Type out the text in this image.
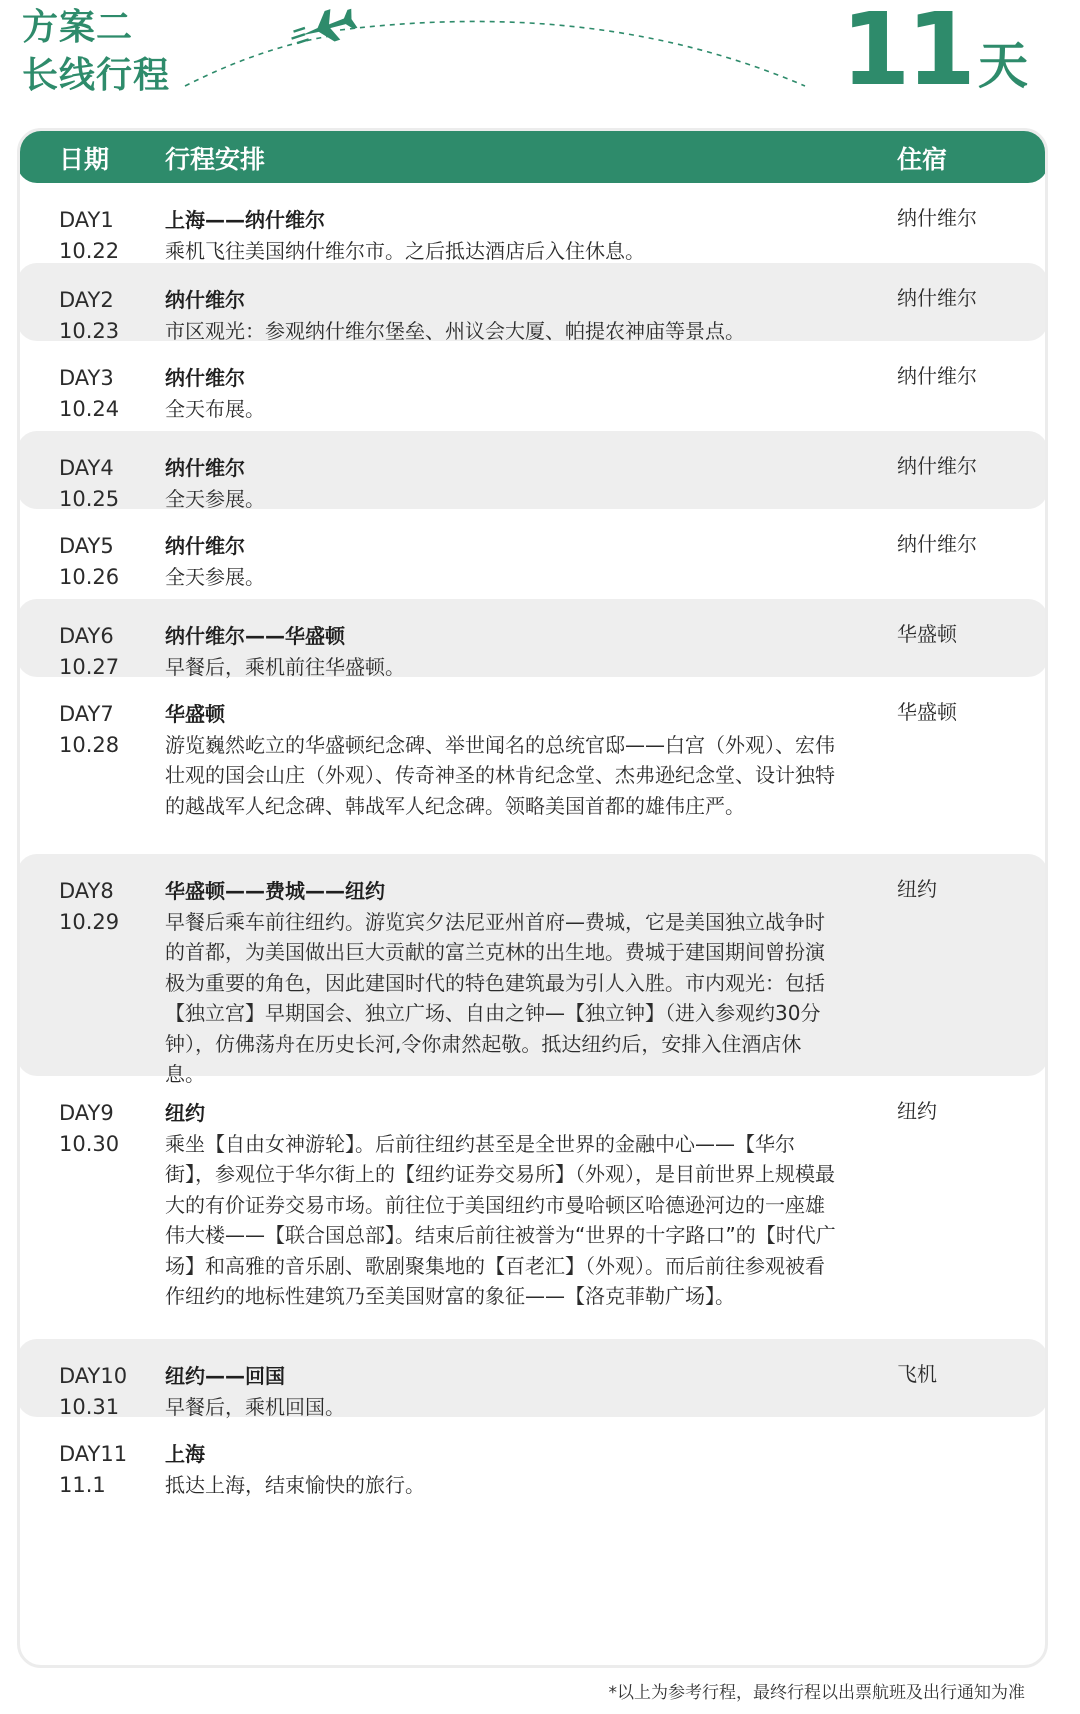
方案二
长线行程	11 天
日期 行程安排	住宿
DAY1
10.22
上海——纳什维尔
乘机飞往美国纳什维尔市。之后抵达酒店后入住休息。
纳什维尔
DAY2
10.23
纳什维尔
市区观光：参观纳什维尔堡垒、州议会大厦、帕提农神庙等景点。
纳什维尔
DAY3
10.24
纳什维尔
全天布展。
纳什维尔
DAY4
10.25
纳什维尔
全天参展。
纳什维尔
DAY5
10.26
纳什维尔
全天参展。
纳什维尔
DAY6
10.27
纳什维尔——华盛顿
早餐后，乘机前往华盛顿。
华盛顿
DAY7
10.28
华盛顿
游览巍然屹立的华盛顿纪念碑、举世闻名的总统官邸——白宫（外观）、宏伟壮观的国会山庄（外观）、传奇神圣的林肯纪念堂、杰弗逊纪念堂、设计独特的越战军人纪念碑、韩战军人纪念碑。领略美国首都的雄伟庄严。
华盛顿
DAY8
10.29
华盛顿——费城——纽约
早餐后乘车前往纽约。游览宾夕法尼亚州首府—费城，它是美国独立战争时的首都，为美国做出巨大贡献的富兰克林的出生地。费城于建国期间曾扮演极为重要的角色，因此建国时代的特色建筑最为引人入胜。市内观光：包括【独立宫】早期国会、独立广场、自由之钟—【独立钟】（进入参观约30分钟），仿佛荡舟在历史长河,令你肃然起敬。抵达纽约后，安排入住酒店休息。
纽约
DAY9
10.30
纽约
乘坐【自由女神游轮】。后前往纽约甚至是全世界的金融中心——【华尔街】，参观位于华尔街上的【纽约证券交易所】（外观），是目前世界上规模最大的有价证券交易市场。前往位于美国纽约市曼哈顿区哈德逊河边的一座雄伟大楼——【联合国总部】。结束后前往被誉为“世界的十字路口”的【时代广场】和高雅的音乐剧、歌剧聚集地的【百老汇】（外观）。而后前往参观被看作纽约的地标性建筑乃至美国财富的象征——【洛克菲勒广场】。
纽约
DAY10
10.31
纽约——回国
早餐后，乘机回国。
飞机
DAY11
11.1
上海
抵达上海，结束愉快的旅行。
*以上为参考行程，最终行程以出票航班及出行通知为准
